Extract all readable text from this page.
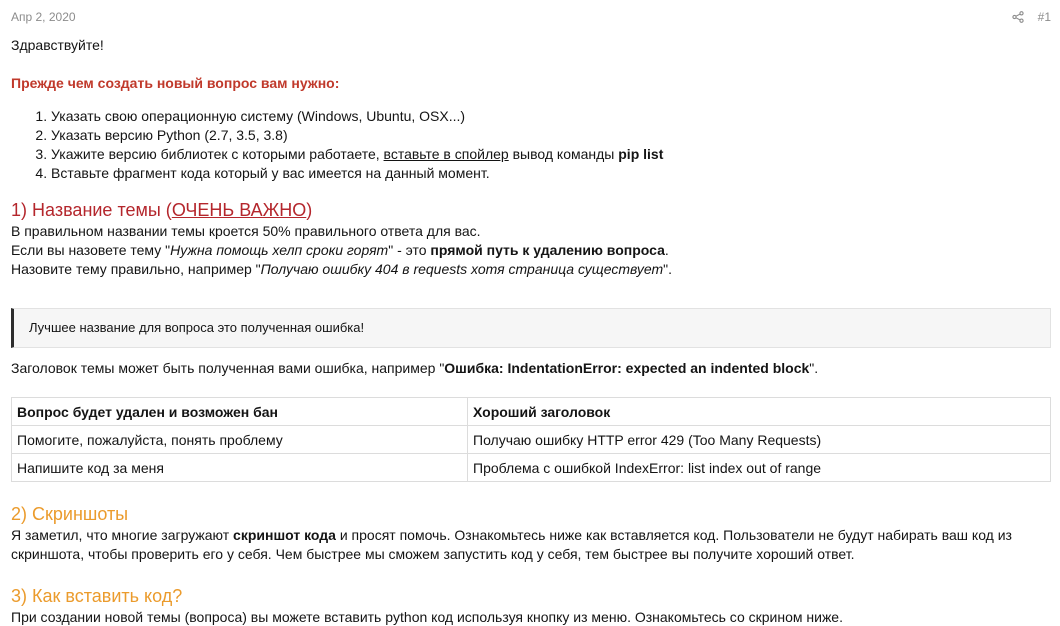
Апр 2, 2020	#1
Здравствуйте!
Прежде чем создать новый вопрос вам нужно:
1. Указать свою операционную систему (Windows, Ubuntu, OSX...)
2. Указать версию Python (2.7, 3.5, 3.8)
3. Укажите версию библиотек с которыми работаете, вставьте в спойлер вывод команды pip list
4. Вставьте фрагмент кода который у вас имеется на данный момент.
1) Название темы (ОЧЕНЬ ВАЖНО)
В правильном названии темы кроется 50% правильного ответа для вас.
Если вы назовете тему "Нужна помощь хелп сроки горят" - это прямой путь к удалению вопроса.
Назовите тему правильно, например "Получаю ошибку 404 в requests хотя страница существует".
Лучшее название для вопроса это полученная ошибка!
Заголовок темы может быть полученная вами ошибка, например "Ошибка: IndentationError: expected an indented block".
Вопрос будет удален и возможен бан	Хороший заголовок
Помогите, пожалуйста, понять проблему	Получаю ошибку HTTP error 429 (Too Many Requests)
Напишите код за меня	Проблема с ошибкой IndexError: list index out of range
2) Скриншоты
Я заметил, что многие загружают скриншот кода и просят помочь. Ознакомьтесь ниже как вставляется код. Пользователи не будут набирать ваш код из
скриншота, чтобы проверить его у себя. Чем быстрее мы сможем запустить код у себя, тем быстрее вы получите хороший ответ.
3) Как вставить код?
При создании новой темы (вопроса) вы можете вставить python код используя кнопку из меню. Ознакомьтесь со скрином ниже.
